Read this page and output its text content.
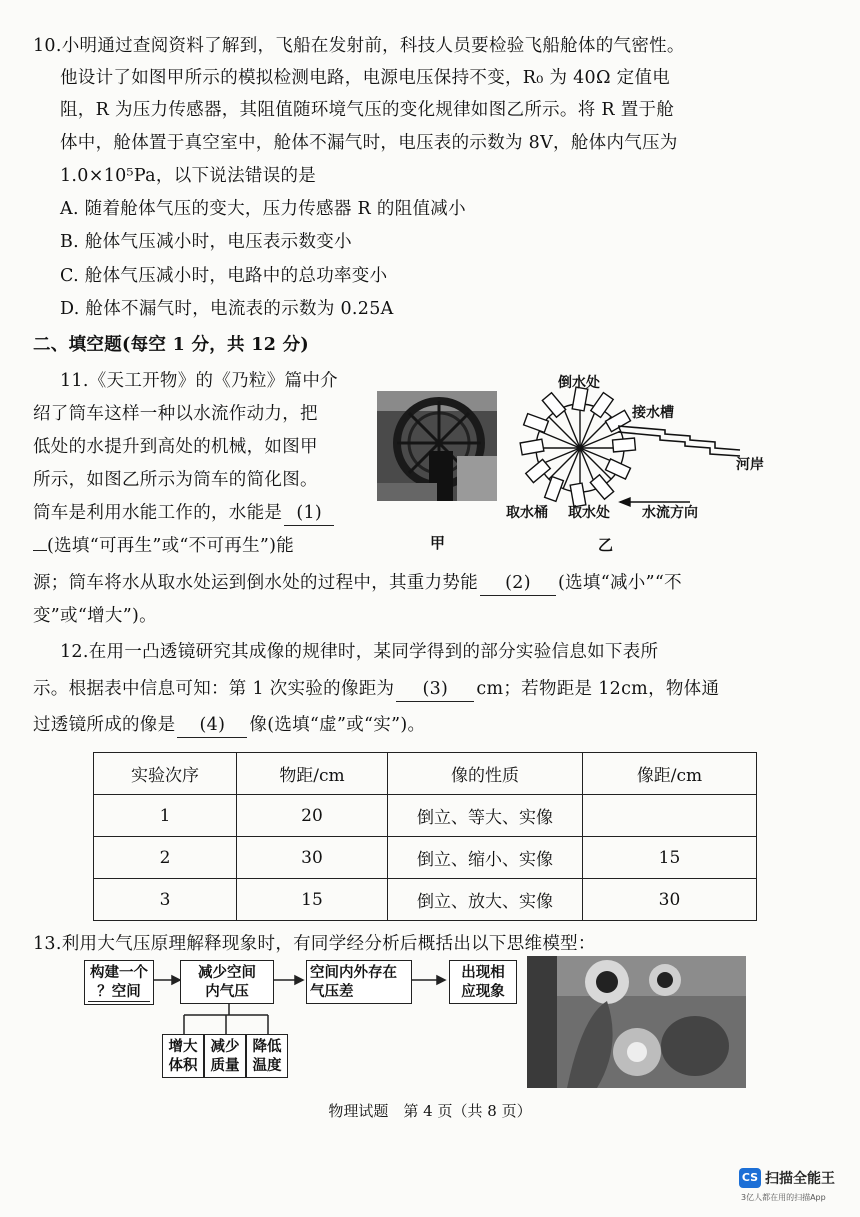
10.小明通过查阅资料了解到，飞船在发射前，科技人员要检验飞船舱体的气密性。
他设计了如图甲所示的模拟检测电路，电源电压保持不变，R₀ 为 40Ω 定值电
阻，R 为压力传感器，其阻值随环境气压的变化规律如图乙所示。将 R 置于舱
体中，舱体置于真空室中，舱体不漏气时，电压表的示数为 8V，舱体内气压为
1.0×10⁵Pa，以下说法错误的是
A. 随着舱体气压的变大，压力传感器 R 的阻值减小
B. 舱体气压减小时，电压表示数变小
C. 舱体气压减小时，电路中的总功率变小
D. 舱体不漏气时，电流表的示数为 0.25A
二、填空题(每空 1 分，共 12 分)
11.《天工开物》的《乃粒》篇中介
绍了筒车这样一种以水流作动力，把
低处的水提升到高处的机械，如图甲
所示，如图乙所示为筒车的简化图。
筒车是利用水能工作的，水能是 (1)
(选填“可再生”或“不可再生”)能
源；筒车将水从取水处运到倒水处的过程中，其重力势能 (2) (选填“减小”“不
变”或“增大”)。
甲
倒水处
接水槽
河岸
取水桶 取水处 水流方向
乙
12.在用一凸透镜研究其成像的规律时，某同学得到的部分实验信息如下表所
示。根据表中信息可知：第 1 次实验的像距为 (3) cm；若物距是 12cm，物体通
过透镜所成的像是 (4) 像(选填“虚”或“实”)。
实验次序	物距/cm	像的性质	像距/cm
1	20	倒立、等大、实像	
2	30	倒立、缩小、实像	15
3	15	倒立、放大、实像	30
13.利用大气压原理解释现象时，有同学经分析后概括出以下思维模型：
构建一个
？空间
减少空间
内气压
空间内外存在
气压差
出现相
应现象
增大
体积
减少
质量
降低
温度
物理试题　第 4 页（共 8 页）
CS 扫描全能王
3亿人都在用的扫描App
